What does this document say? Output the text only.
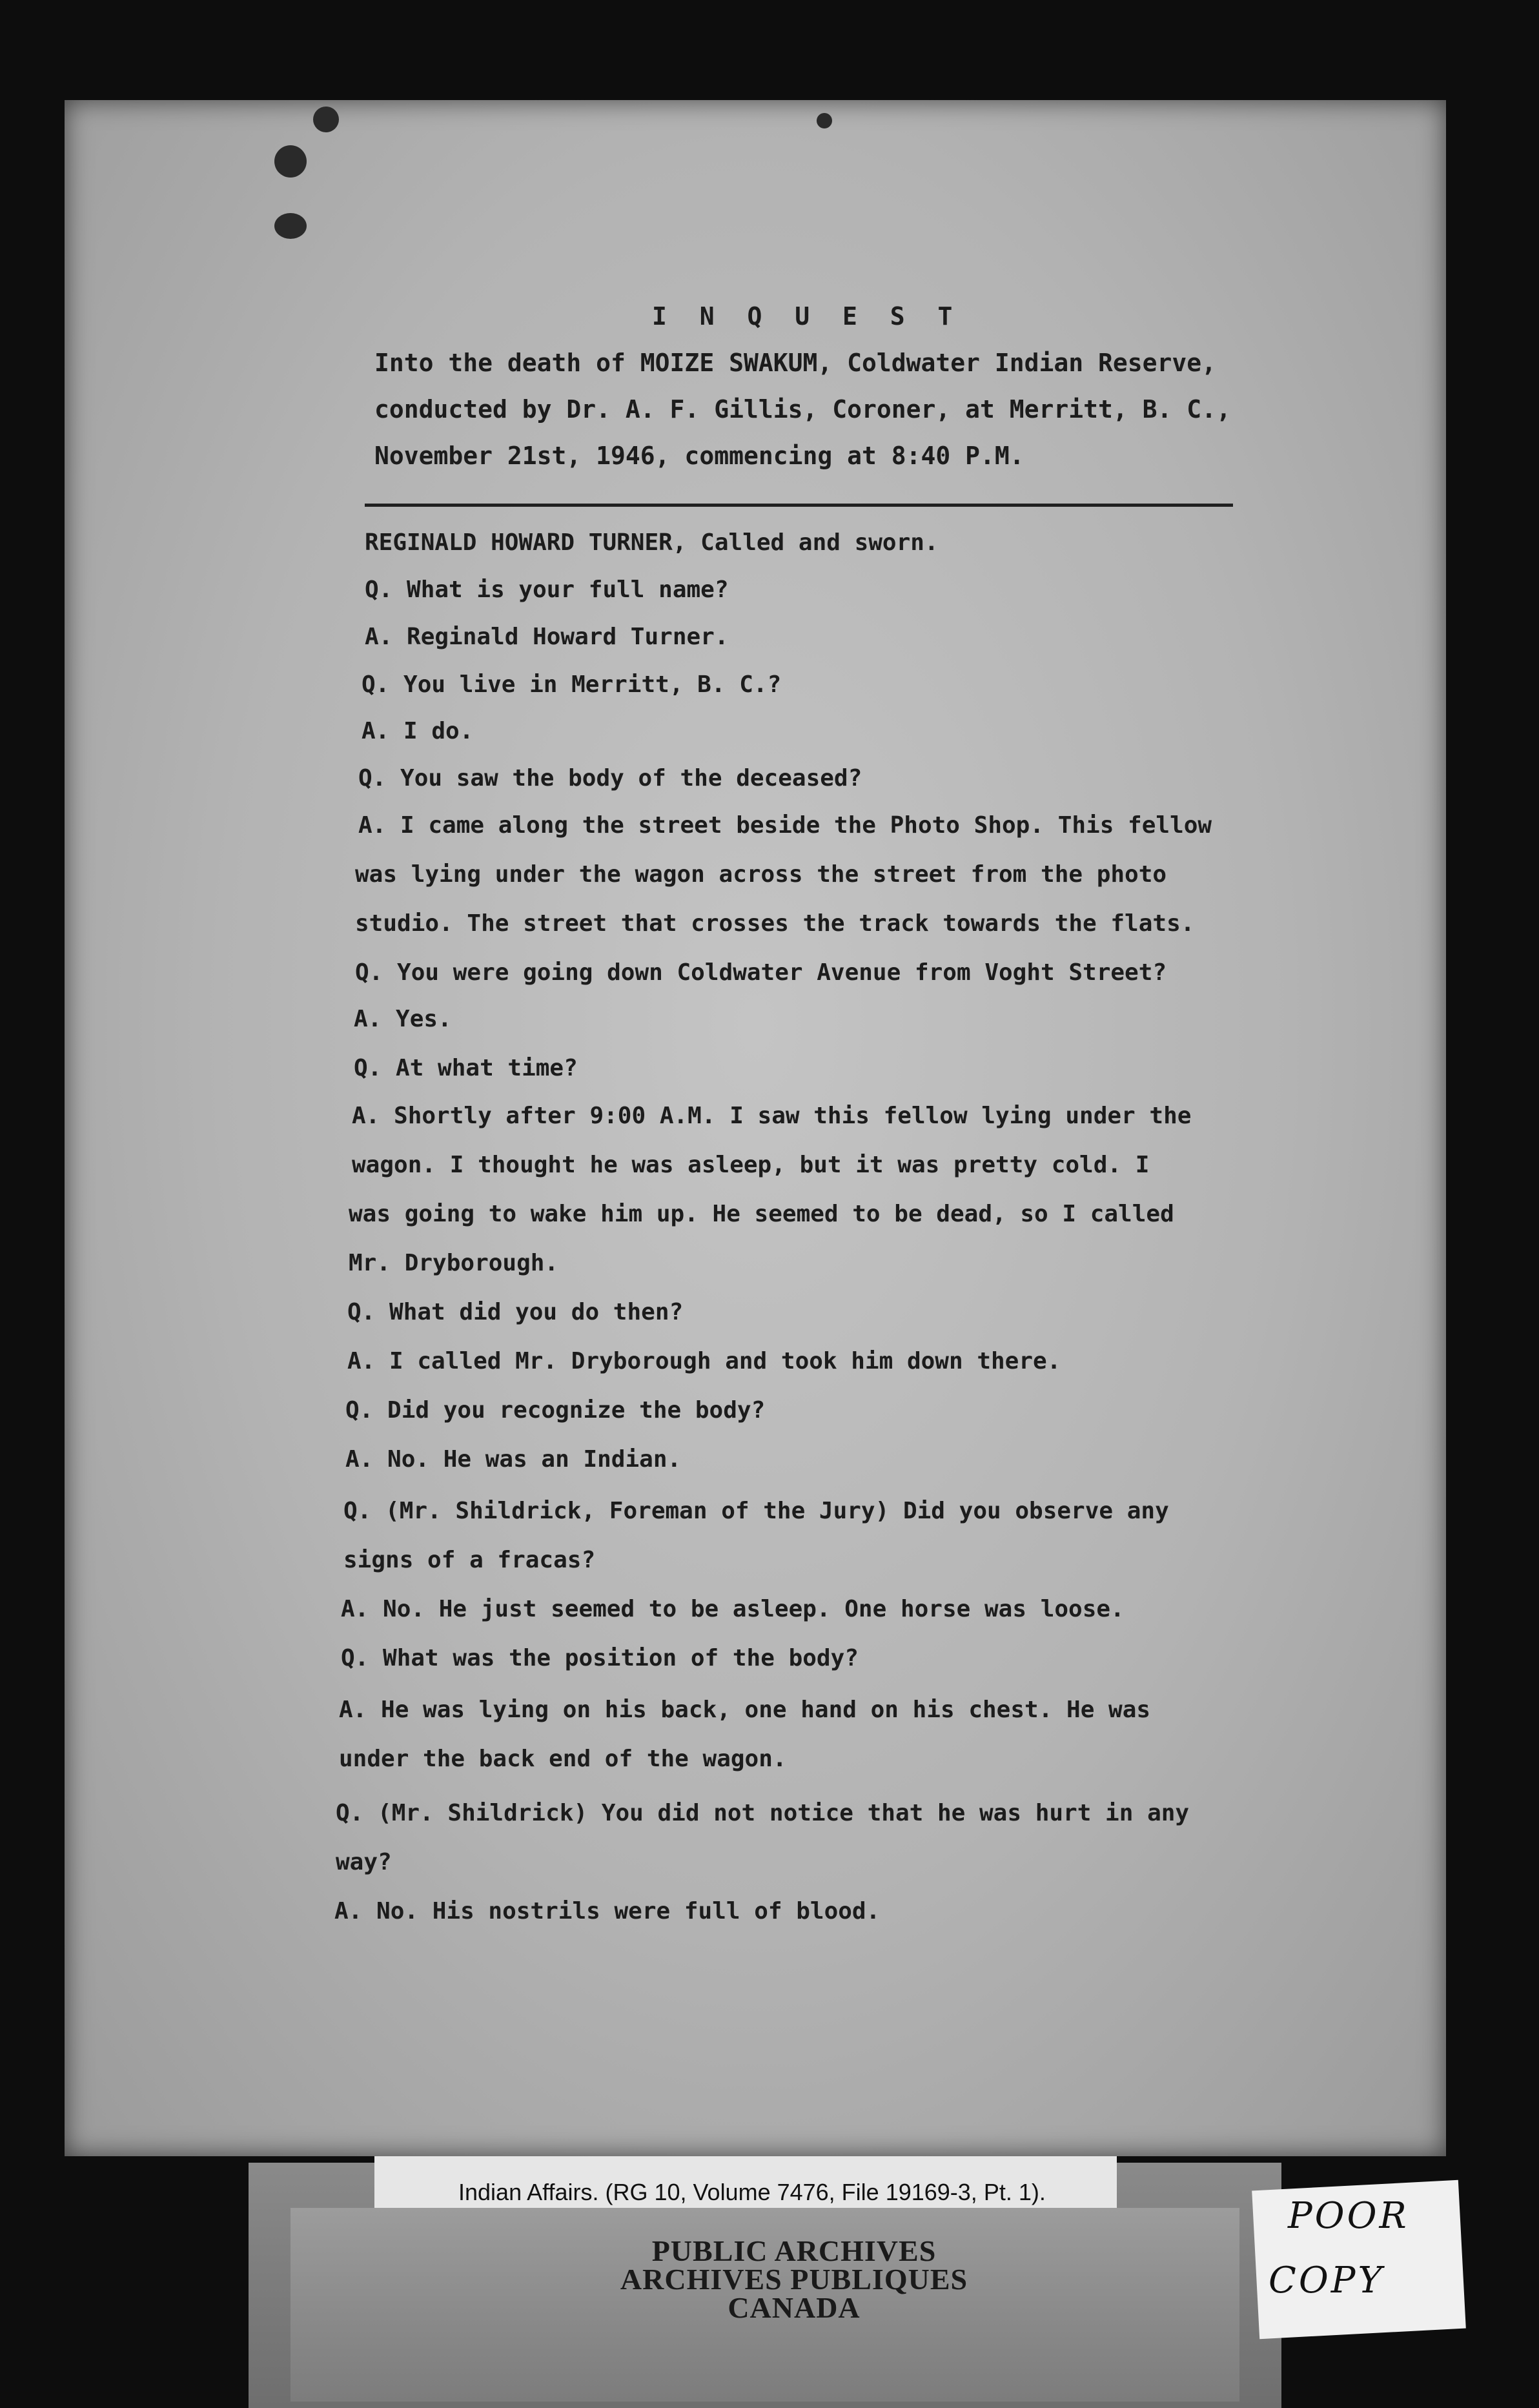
I N Q U E S T
Into the death of MOIZE SWAKUM, Coldwater Indian Reserve,
conducted by Dr. A. F. Gillis, Coroner, at Merritt, B. C.,
November 21st, 1946, commencing at 8:40 P.M.
REGINALD HOWARD TURNER, Called and sworn.
Q. What is your full name?
A. Reginald Howard Turner.
Q. You live in Merritt, B. C.?
A. I do.
Q. You saw the body of the deceased?
A. I came along the street beside the Photo Shop. This fellow
was lying under the wagon across the street from the photo
studio. The street that crosses the track towards the flats.
Q. You were going down Coldwater Avenue from Voght Street?
A. Yes.
Q. At what time?
A. Shortly after 9:00 A.M. I saw this fellow lying under the
wagon. I thought he was asleep, but it was pretty cold. I
was going to wake him up. He seemed to be dead, so I called
Mr. Dryborough.
Q. What did you do then?
A. I called Mr. Dryborough and took him down there.
Q. Did you recognize the body?
A. No. He was an Indian.
Q. (Mr. Shildrick, Foreman of the Jury) Did you observe any
signs of a fracas?
A. No. He just seemed to be asleep. One horse was loose.
Q. What was the position of the body?
A. He was lying on his back, one hand on his chest. He was
under the back end of the wagon.
Q. (Mr. Shildrick) You did not notice that he was hurt in any
way?
A. No. His nostrils were full of blood.
Indian Affairs. (RG 10, Volume 7476, File 19169-3, Pt. 1).
PUBLIC ARCHIVES
ARCHIVES PUBLIQUES
CANADA
POOR
COPY
